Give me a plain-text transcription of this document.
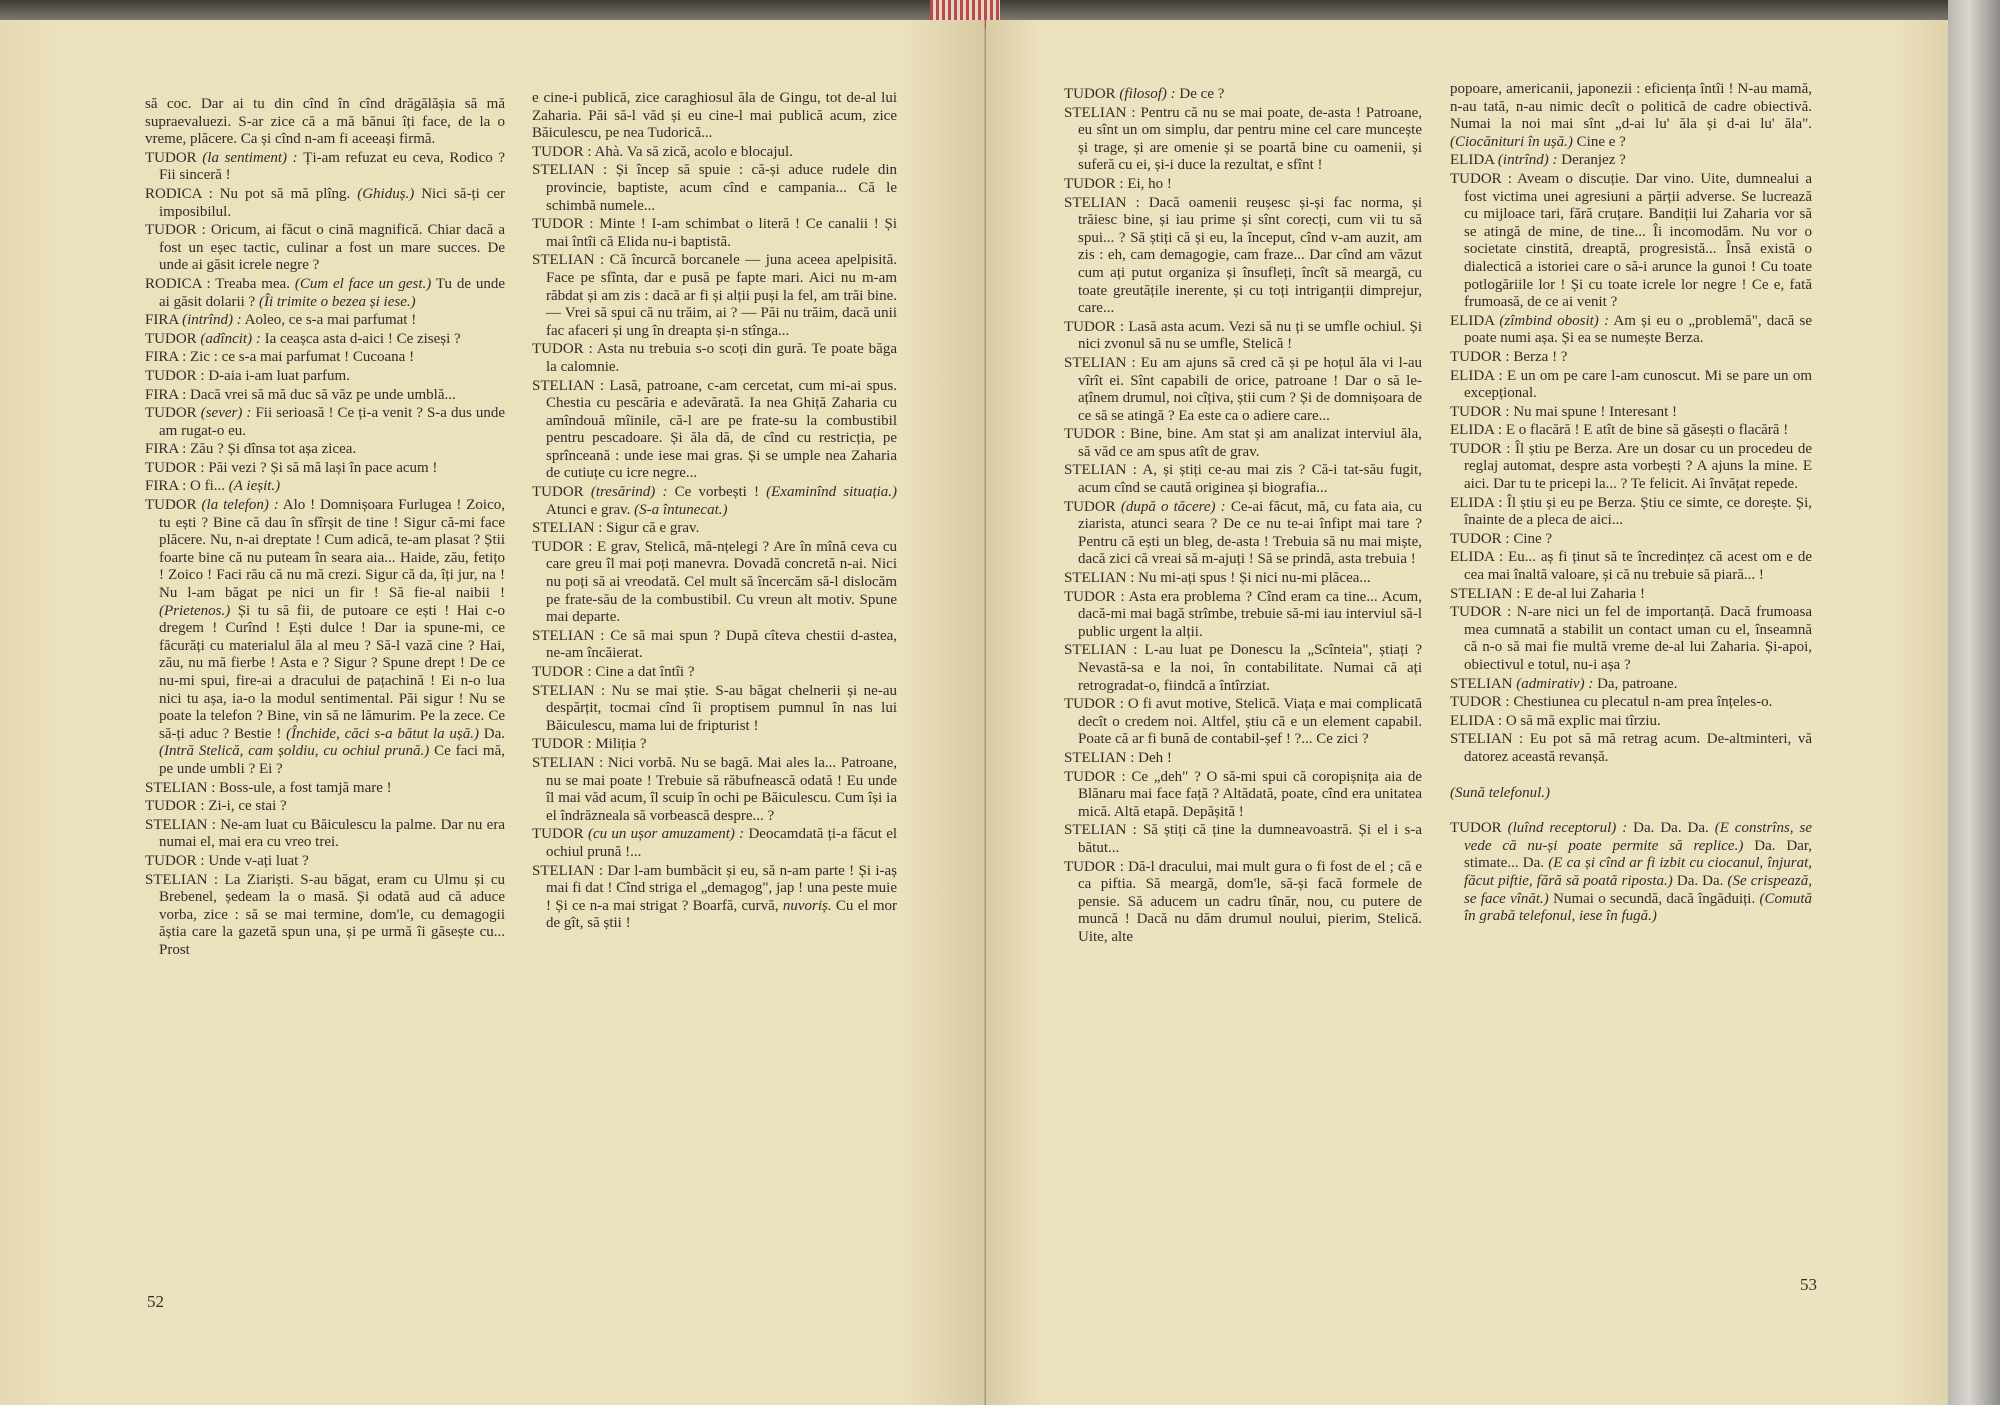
să coc. Dar ai tu din cînd în cînd drăgălășia să mă supraevaluezi. S-ar zice că a mă bănui îți face, de la o vreme, plăcere. Ca și cînd n-am fi aceeași firmă.

TUDOR (la sentiment) : Ți-am refuzat eu ceva, Rodico ? Fii sinceră !

RODICA : Nu pot să mă plîng. (Ghiduș.) Nici să-ți cer imposibilul.

TUDOR : Oricum, ai făcut o cină magnifică. Chiar dacă a fost un eșec tactic, culinar a fost un mare succes. De unde ai găsit icrele negre ?

RODICA : Treaba mea. (Cum el face un gest.) Tu de unde ai găsit dolarii ? (Îi trimite o bezea și iese.)

FIRA (intrînd) : Aoleo, ce s-a mai parfumat !

TUDOR (adîncit) : Ia ceașca asta d-aici ! Ce ziseși ?

FIRA : Zic : ce s-a mai parfumat ! Cucoana !

TUDOR : D-aia i-am luat parfum.

FIRA : Dacă vrei să mă duc să văz pe unde umblă...

TUDOR (sever) : Fii serioasă ! Ce ți-a venit ? S-a dus unde am rugat-o eu.

FIRA : Zău ? Și dînsa tot așa zicea.

TUDOR : Păi vezi ? Și să mă lași în pace acum !

FIRA : O fi... (A ieșit.)

TUDOR (la telefon) : Alo ! Domnișoara Furlugea ! Zoico, tu ești ? Bine că dau în sfîrșit de tine ! Sigur că-mi face plăcere. Nu, n-ai dreptate ! Cum adică, te-am plasat ? Știi foarte bine că nu puteam în seara aia... Haide, zău, fetițo ! Zoico ! Faci rău că nu mă crezi. Sigur că da, îți jur, na ! Nu l-am băgat pe nici un fir ! Să fie-al naibii ! (Prietenos.) Și tu să fii, de putoare ce ești ! Hai c-o dregem ! Curînd ! Ești dulce ! Dar ia spune-mi, ce făcurăți cu materialul ăla al meu ? Să-l vază cine ? Hai, zău, nu mă fierbe ! Asta e ? Sigur ? Spune drept ! De ce nu-mi spui, fire-ai a dracului de pațachină ! Ei n-o lua nici tu așa, ia-o la modul sentimental. Păi sigur ! Nu se poate la telefon ? Bine, vin să ne lămurim. Pe la zece. Ce să-ți aduc ? Bestie ! (Închide, căci s-a bătut la ușă.) Da. (Intră Stelică, cam șoldiu, cu ochiul prună.) Ce faci mă, pe unde umbli ? Ei ?

STELIAN : Boss-ule, a fost tamjă mare !

TUDOR : Zi-i, ce stai ?

STELIAN : Ne-am luat cu Băiculescu la palme. Dar nu era numai el, mai era cu vreo trei.

TUDOR : Unde v-ați luat ?

STELIAN : La Ziariști. S-au băgat, eram cu Ulmu și cu Brebenel, ședeam la o masă. Și odată aud că aduce vorba, zice : să se mai termine, dom'le, cu demagogii ăștia care la gazetă spun una, și pe urmă îi găsește cu... Prost

e cine-i publică, zice caraghiosul ăla de Gingu, tot de-al lui Zaharia. Păi să-l văd și eu cine-l mai publică acum, zice Băiculescu, pe nea Tudorică...

TUDOR : Ahà. Va să zică, acolo e blocajul.

STELIAN : Și încep să spuie : că-și aduce rudele din provincie, baptiste, acum cînd e campania... Că le schimbă numele...

TUDOR : Minte ! I-am schimbat o literă ! Ce canalii ! Și mai întîi că Elida nu-i baptistă.

STELIAN : Că încurcă borcanele — juna aceea apelpisită. Face pe sfînta, dar e pusă pe fapte mari. Aici nu m-am răbdat și am zis : dacă ar fi și alții puși la fel, am trăi bine. — Vrei să spui că nu trăim, ai ? — Păi nu trăim, dacă unii fac afaceri și ung în dreapta și-n stînga...

TUDOR : Asta nu trebuia s-o scoți din gură. Te poate băga la calomnie.

STELIAN : Lasă, patroane, c-am cercetat, cum mi-ai spus. Chestia cu pescăria e adevărată. Ia nea Ghiță Zaharia cu amîndouă mîinile, că-l are pe frate-su la combustibil pentru pescadoare. Și ăla dă, de cînd cu restricția, pe sprînceană : unde iese mai gras. Și se umple nea Zaharia de cutiuțe cu icre negre...

TUDOR (tresărind) : Ce vorbești ! (Examinînd situația.) Atunci e grav. (S-a întunecat.)

STELIAN : Sigur că e grav.

TUDOR : E grav, Stelică, mă-nțelegi ? Are în mînă ceva cu care greu îl mai poți manevra. Dovadă concretă n-ai. Nici nu poți să ai vreodată. Cel mult să încercăm să-l dislocăm pe frate-său de la combustibil. Cu vreun alt motiv. Spune mai departe.

STELIAN : Ce să mai spun ? După cîteva chestii d-astea, ne-am încăierat.

TUDOR : Cine a dat întîi ?

STELIAN : Nu se mai știe. S-au băgat chelnerii și ne-au despărțit, tocmai cînd îi proptisem pumnul în nas lui Băiculescu, mama lui de fripturist !

TUDOR : Miliția ?

STELIAN : Nici vorbă. Nu se bagă. Mai ales la... Patroane, nu se mai poate ! Trebuie să răbufnească odată ! Eu unde îl mai văd acum, îl scuip în ochi pe Băiculescu. Cum își ia el îndrăzneala să vorbească despre... ?

TUDOR (cu un ușor amuzament) : Deocamdată ți-a făcut el ochiul prună !...

STELIAN : Dar l-am bumbăcit și eu, să n-am parte ! Și i-aș mai fi dat ! Cînd striga el „demagog", jap ! una peste muie ! Și ce n-a mai strigat ? Boarfă, curvă, nuvoriș. Cu el mor de gît, să știi !

52

TUDOR (filosof) : De ce ?

STELIAN : Pentru că nu se mai poate, de-asta ! Patroane, eu sînt un om simplu, dar pentru mine cel care muncește și trage, și are omenie și se poartă bine cu oamenii, și suferă cu ei, și-i duce la rezultat, e sfînt !

TUDOR : Ei, ho !

STELIAN : Dacă oamenii reușesc și-și fac norma, și trăiesc bine, și iau prime și sînt corecți, cum vii tu să spui... ? Să știți că și eu, la început, cînd v-am auzit, am zis : eh, cam demagogie, cam fraze... Dar cînd am văzut cum ați putut organiza și însufleți, încît să meargă, cu toate greutățile inerente, și cu toți intriganții dimprejur, care...

TUDOR : Lasă asta acum. Vezi să nu ți se umfle ochiul. Și nici zvonul să nu se umfle, Stelică !

STELIAN : Eu am ajuns să cred că și pe hoțul ăla vi l-au vîrît ei. Sînt capabili de orice, patroane ! Dar o să le-ațînem drumul, noi cîțiva, știi cum ? Și de domnișoara de ce să se atingă ? Ea este ca o adiere care...

TUDOR : Bine, bine. Am stat și am analizat interviul ăla, să văd ce am spus atît de grav.

STELIAN : A, și știți ce-au mai zis ? Că-i tat-său fugit, acum cînd se caută originea și biografia...

TUDOR (după o tăcere) : Ce-ai făcut, mă, cu fata aia, cu ziarista, atunci seara ? De ce nu te-ai înfipt mai tare ? Pentru că ești un bleg, de-asta ! Trebuia să nu mai miște, dacă zici că vreai să m-ajuți ! Să se prindă, asta trebuia !

STELIAN : Nu mi-ați spus ! Și nici nu-mi plăcea...

TUDOR : Asta era problema ? Cînd eram ca tine... Acum, dacă-mi mai bagă strîmbe, trebuie să-mi iau interviul să-l public urgent la alții.

STELIAN : L-au luat pe Donescu la „Scînteia", știați ? Nevastă-sa e la noi, în contabilitate. Numai că ați retrogradat-o, fiindcă a întîrziat.

TUDOR : O fi avut motive, Stelică. Viața e mai complicată decît o credem noi. Altfel, știu că e un element capabil. Poate că ar fi bună de contabil-șef ! ?... Ce zici ?

STELIAN : Deh !

TUDOR : Ce „deh" ? O să-mi spui că coropișnița aia de Blănaru mai face față ? Altădată, poate, cînd era unitatea mică. Altă etapă. Depășită !

STELIAN : Să știți că ține la dumneavoastră. Și el i s-a bătut...

TUDOR : Dă-l dracului, mai mult gura o fi fost de el ; că e ca piftia. Să meargă, dom'le, să-și facă formele de pensie. Să aducem un cadru tînăr, nou, cu putere de muncă ! Dacă nu dăm drumul noului, pierim, Stelică. Uite, alte

popoare, americanii, japonezii : eficiența întîi ! N-au mamă, n-au tată, n-au nimic decît o politică de cadre obiectivă. Numai la noi mai sînt „d-ai lu' ăla și d-ai lu' ăla". (Ciocănituri în ușă.) Cine e ?

ELIDA (intrînd) : Deranjez ?

TUDOR : Aveam o discuție. Dar vino. Uite, dumnealui a fost victima unei agresiuni a părții adverse. Se lucrează cu mijloace tari, fără cruțare. Bandiții lui Zaharia vor să se atingă de mine, de tine... Îi incomodăm. Nu vor o societate cinstită, dreaptă, progresistă... Însă există o dialectică a istoriei care o să-i arunce la gunoi ! Cu toate potlogăriile lor ! Și cu toate icrele lor negre ! Ce e, fată frumoasă, de ce ai venit ?

ELIDA (zîmbind obosit) : Am și eu o „problemă", dacă se poate numi așa. Și ea se numește Berza.

TUDOR : Berza ! ?

ELIDA : E un om pe care l-am cunoscut. Mi se pare un om excepțional.

TUDOR : Nu mai spune ! Interesant !

ELIDA : E o flacără ! E atît de bine să găsești o flacără !

TUDOR : Îl știu pe Berza. Are un dosar cu un procedeu de reglaj automat, despre asta vorbești ? A ajuns la mine. E aici. Dar tu te pricepi la... ? Te felicit. Ai învățat repede.

ELIDA : Îl știu și eu pe Berza. Știu ce simte, ce dorește. Și, înainte de a pleca de aici...

TUDOR : Cine ?

ELIDA : Eu... aș fi ținut să te încredințez că acest om e de cea mai înaltă valoare, și că nu trebuie să piară... !

STELIAN : E de-al lui Zaharia !

TUDOR : N-are nici un fel de importanță. Dacă frumoasa mea cumnată a stabilit un contact uman cu el, înseamnă că n-o să mai fie multă vreme de-al lui Zaharia. Și-apoi, obiectivul e totul, nu-i așa ?

STELIAN (admirativ) : Da, patroane.

TUDOR : Chestiunea cu plecatul n-am prea înțeles-o.

ELIDA : O să mă explic mai tîrziu.

STELIAN : Eu pot să mă retrag acum. De-altminteri, vă datorez această revanșă.

(Sună telefonul.)

TUDOR (luînd receptorul) : Da. Da. Da. (E constrîns, se vede că nu-și poate permite să replice.) Da. Dar, stimate... Da. (E ca și cînd ar fi izbit cu ciocanul, înjurat, făcut piftie, fără să poată riposta.) Da. Da. (Se crispează, se face vînăt.) Numai o secundă, dacă îngăduiți. (Comută în grabă telefonul, iese în fugă.)

53
